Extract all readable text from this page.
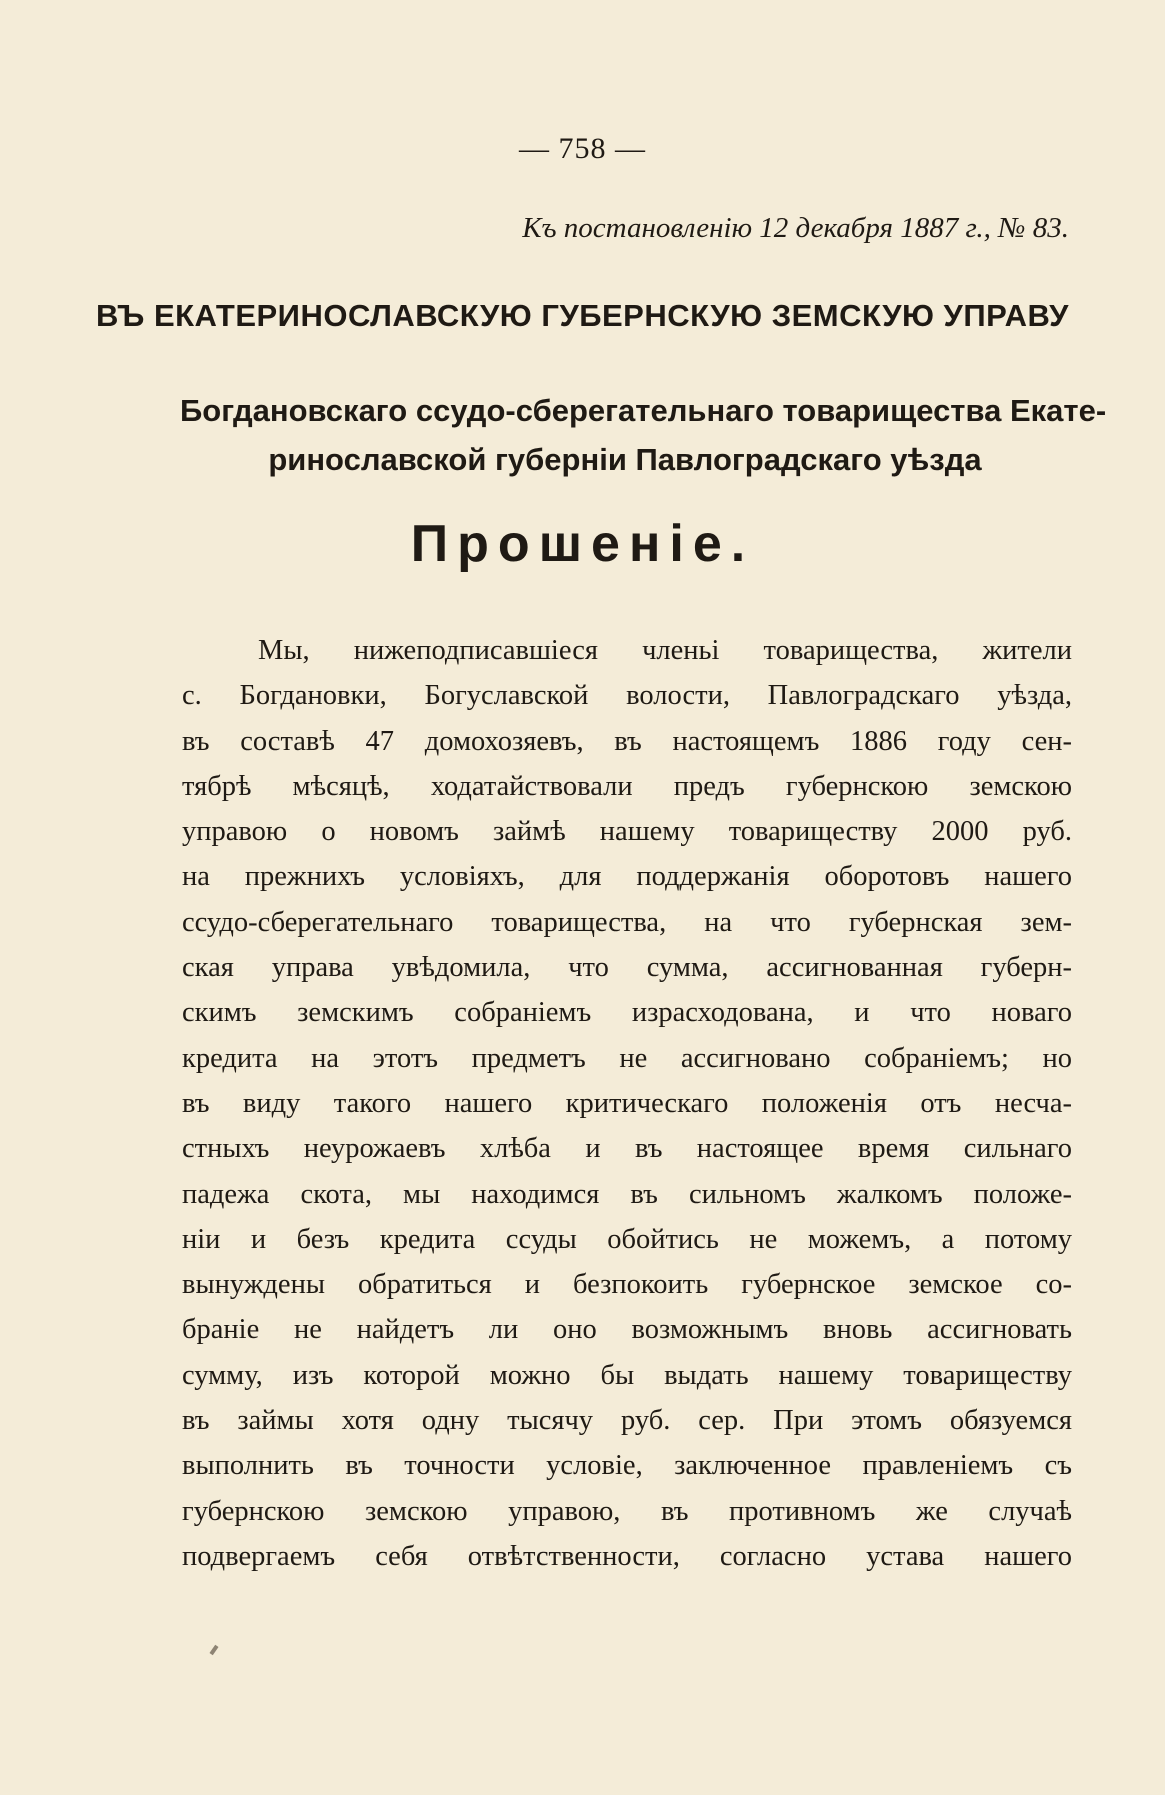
— 758 —
Къ постановленію 12 декабря 1887 г., № 83.
ВЪ ЕКАТЕРИНОСЛАВСКУЮ ГУБЕРНСКУЮ ЗЕМСКУЮ УПРАВУ
Богдановскаго ссудо-сберегательнаго товарищества Екате-
ринославской губерніи Павлоградскаго уѣзда
Прошеніе.
Мы, нижеподписавшіеся членьі товарищества, жители
с. Богдановки, Богуславской волости, Павлоградскаго уѣзда,
въ составѣ 47 домохозяевъ, въ настоящемъ 1886 году сен-
тябрѣ мѣсяцѣ, ходатайствовали предъ губернскою земскою
управою о новомъ займѣ нашему товариществу 2000 руб.
на прежнихъ условіяхъ, для поддержанія оборотовъ нашего
ссудо-сберегательнаго товарищества, на что губернская зем-
ская управа увѣдомила, что сумма, ассигнованная губерн-
скимъ земскимъ собраніемъ израсходована, и что новаго
кредита на этотъ предметъ не ассигновано собраніемъ; но
въ виду такого нашего критическаго положенія отъ несча-
стныхъ неурожаевъ хлѣба и въ настоящее время сильнаго
падежа скота, мы находимся въ сильномъ жалкомъ положе-
ніи и безъ кредита ссуды обойтись не можемъ, а потому
вынуждены обратиться и безпокоить губернское земское со-
браніе не найдетъ ли оно возможнымъ вновь ассигновать
сумму, изъ которой можно бы выдать нашему товариществу
въ займы хотя одну тысячу руб. сер. При этомъ обязуемся
выполнить въ точности условіе, заключенное правленіемъ съ
губернскою земскою управою, въ противномъ же случаѣ
подвергаемъ себя отвѣтственности, согласно устава нашего
